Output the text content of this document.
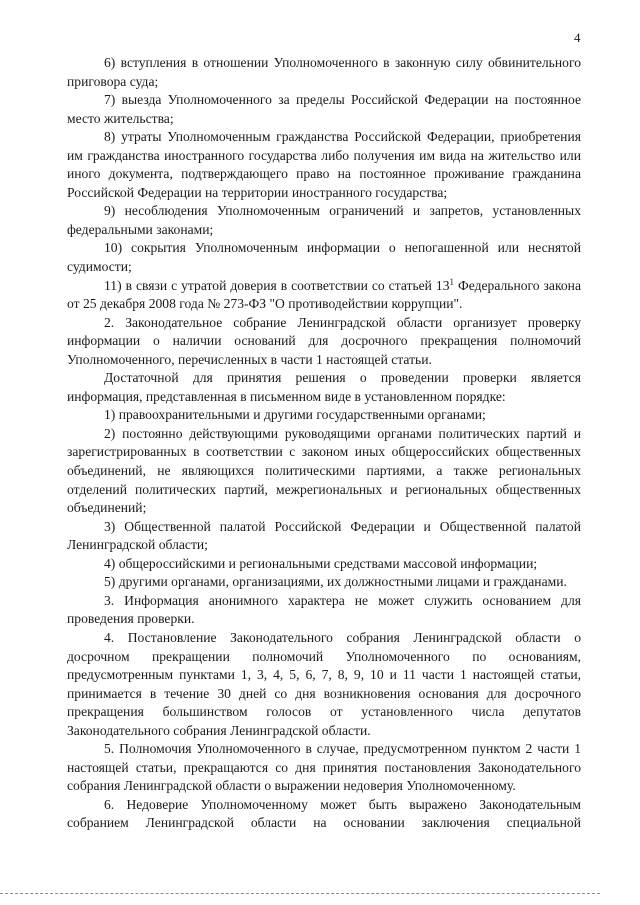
4

6) вступления в отношении Уполномоченного в законную силу обвинительного приговора суда;

7) выезда Уполномоченного за пределы Российской Федерации на постоянное место жительства;

8) утраты Уполномоченным гражданства Российской Федерации, приобретения им гражданства иностранного государства либо получения им вида на жительство или иного документа, подтверждающего право на постоянное проживание гражданина Российской Федерации на территории иностранного государства;

9) несоблюдения Уполномоченным ограничений и запретов, установленных федеральными законами;

10) сокрытия Уполномоченным информации о непогашенной или неснятой судимости;

11) в связи с утратой доверия в соответствии со статьей $13^1$ Федерального закона от 25 декабря 2008 года № 273-ФЗ "О противодействии коррупции".

2. Законодательное собрание Ленинградской области организует проверку информации о наличии оснований для досрочного прекращения полномочий Уполномоченного, перечисленных в части 1 настоящей статьи.

Достаточной для принятия решения о проведении проверки является информация, представленная в письменном виде в установленном порядке:

1) правоохранительными и другими государственными органами;

2) постоянно действующими руководящими органами политических партий и зарегистрированных в соответствии с законом иных общероссийских общественных объединений, не являющихся политическими партиями, а также региональных отделений политических партий, межрегиональных и региональных общественных объединений;

3) Общественной палатой Российской Федерации и Общественной палатой Ленинградской области;

4) общероссийскими и региональными средствами массовой информации;

5) другими органами, организациями, их должностными лицами и гражданами.

3. Информация анонимного характера не может служить основанием для проведения проверки.

4. Постановление Законодательного собрания Ленинградской области о досрочном прекращении полномочий Уполномоченного по основаниям, предусмотренным пунктами 1, 3, 4, 5, 6, 7, 8, 9, 10 и 11 части 1 настоящей статьи, принимается в течение 30 дней со дня возникновения основания для досрочного прекращения большинством голосов от установленного числа депутатов Законодательного собрания Ленинградской области.

5. Полномочия Уполномоченного в случае, предусмотренном пунктом 2 части 1 настоящей статьи, прекращаются со дня принятия постановления Законодательного собрания Ленинградской области о выражении недоверия Уполномоченному.

6. Недоверие Уполномоченному может быть выражено Законодательным собранием Ленинградской области на основании заключения специальной
